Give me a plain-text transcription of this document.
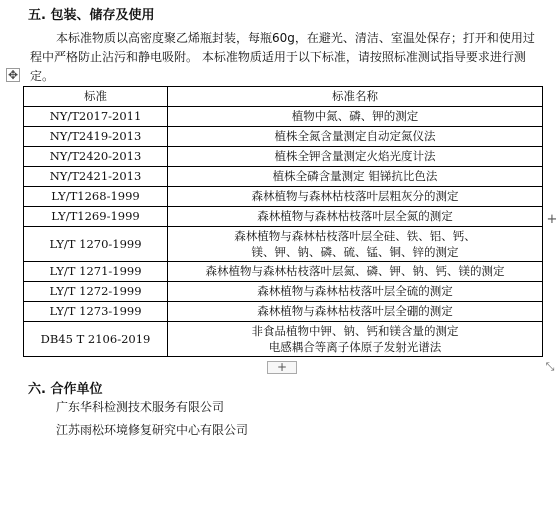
五. 包装、储存及使用

本标准物质以高密度聚乙烯瓶封装，每瓶60g，在避光、清洁、室温处保存；打开和使用过程中严格防止沾污和静电吸附。 本标准物质适用于以下标准，请按照标准测试指导要求进行测定。

✥
标准	标准名称
NY/T2017-2011	植物中氮、磷、钾的测定
NY/T2419-2013	植株全氮含量测定自动定氮仪法
NY/T2420-2013	植株全钾含量测定火焰光度计法
NY/T2421-2013	植株全磷含量测定 钼锑抗比色法
LY/T1268-1999	森林植物与森林枯枝落叶层粗灰分的测定
LY/T1269-1999	森林植物与森林枯枝落叶层全氮的测定
LY/T 1270-1999	森林植物与森林枯枝落叶层全硅、铁、铝、钙、
镁、钾、钠、磷、硫、锰、铜、锌的测定

LY/T 1271-1999	森林植物与森林枯枝落叶层氮、磷、钾、钠、钙、镁的测定
LY/T 1272-1999	森林植物与森林枯枝落叶层全硫的测定
LY/T 1273-1999	森林植物与森林枯枝落叶层全硼的测定
DB45 T 2106-2019	非食品植物中钾、钠、钙和镁含量的测定
电感耦合等离子体原子发射光谱法
+
+	⤡
六. 合作单位
广东华科检测技术服务有限公司
江苏雨松环境修复研究中心有限公司
